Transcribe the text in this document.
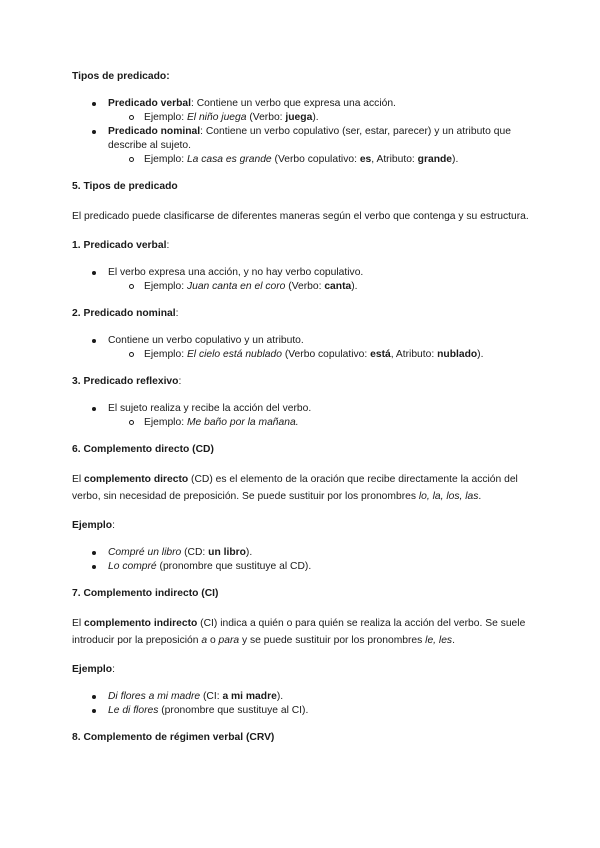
Tipos de predicado:

Predicado verbal: Contiene un verbo que expresa una acción.
Ejemplo: El niño juega (Verbo: juega).
Predicado nominal: Contiene un verbo copulativo (ser, estar, parecer) y un atributo que describe al sujeto.
Ejemplo: La casa es grande (Verbo copulativo: es, Atributo: grande).

5. Tipos de predicado

El predicado puede clasificarse de diferentes maneras según el verbo que contenga y su estructura.

1. Predicado verbal:

El verbo expresa una acción, y no hay verbo copulativo.
Ejemplo: Juan canta en el coro (Verbo: canta).

2. Predicado nominal:

Contiene un verbo copulativo y un atributo.
Ejemplo: El cielo está nublado (Verbo copulativo: está, Atributo: nublado).

3. Predicado reflexivo:

El sujeto realiza y recibe la acción del verbo.
Ejemplo: Me baño por la mañana.

6. Complemento directo (CD)

El complemento directo (CD) es el elemento de la oración que recibe directamente la acción del verbo, sin necesidad de preposición. Se puede sustituir por los pronombres lo, la, los, las.

Ejemplo:

Compré un libro (CD: un libro).
Lo compré (pronombre que sustituye al CD).

7. Complemento indirecto (CI)

El complemento indirecto (CI) indica a quién o para quién se realiza la acción del verbo. Se suele introducir por la preposición a o para y se puede sustituir por los pronombres le, les.

Ejemplo:

Di flores a mi madre (CI: a mi madre).
Le di flores (pronombre que sustituye al CI).

8. Complemento de régimen verbal (CRV)
